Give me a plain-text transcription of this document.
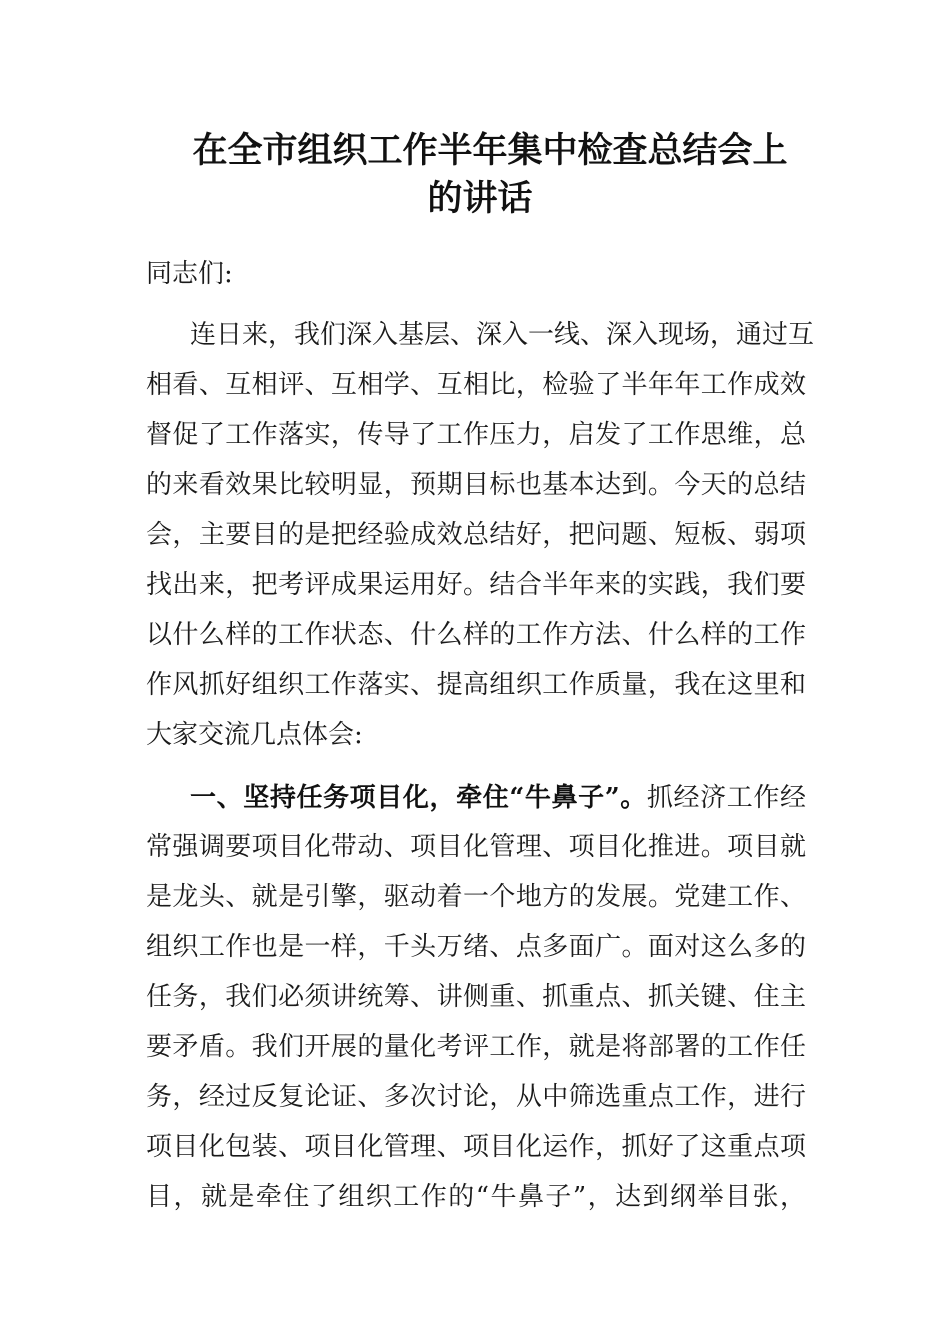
在全市组织工作半年集中检查总结会上
的讲话
同志们:
连日来，我们深入基层、深入一线、深入现场，通过互
相看、互相评、互相学、互相比，检验了半年年工作成效
督促了工作落实，传导了工作压力，启发了工作思维，总
的来看效果比较明显，预期目标也基本达到。今天的总结
会，主要目的是把经验成效总结好，把问题、短板、弱项
找出来，把考评成果运用好。结合半年来的实践，我们要
以什么样的工作状态、什么样的工作方法、什么样的工作
作风抓好组织工作落实、提高组织工作质量，我在这里和
大家交流几点体会:
一、坚持任务项目化，牵住“牛鼻子”。抓经济工作经
常强调要项目化带动、项目化管理、项目化推进。项目就
是龙头、就是引擎，驱动着一个地方的发展。党建工作、
组织工作也是一样，千头万绪、点多面广。面对这么多的
任务，我们必须讲统筹、讲侧重、抓重点、抓关键、住主
要矛盾。我们开展的量化考评工作，就是将部署的工作任
务，经过反复论证、多次讨论，从中筛选重点工作，进行
项目化包装、项目化管理、项目化运作，抓好了这重点项
目，就是牵住了组织工作的“牛鼻子”，达到纲举目张，
